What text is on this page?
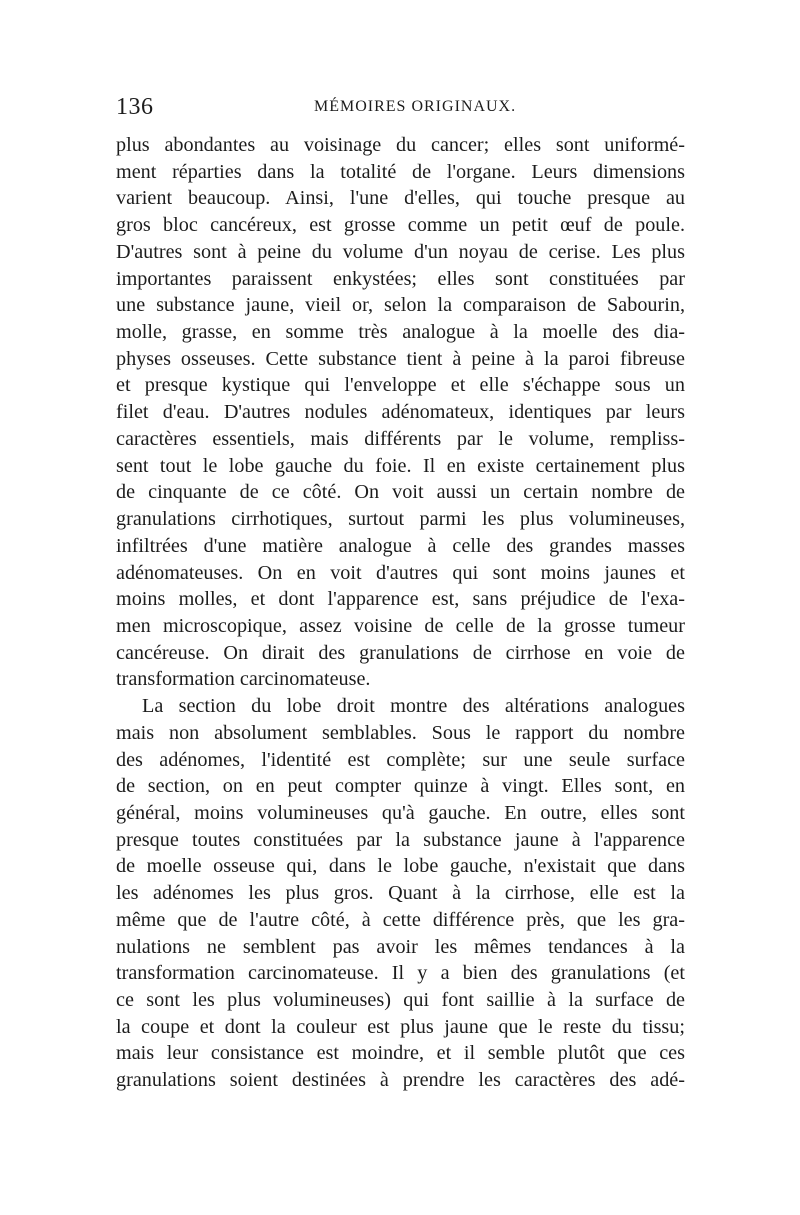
136	MÉMOIRES ORIGINAUX.
plus abondantes au voisinage du cancer; elles sont uniformé-
ment réparties dans la totalité de l'organe. Leurs dimensions
varient beaucoup. Ainsi, l'une d'elles, qui touche presque au
gros bloc cancéreux, est grosse comme un petit œuf de poule.
D'autres sont à peine du volume d'un noyau de cerise. Les plus
importantes paraissent enkystées; elles sont constituées par
une substance jaune, vieil or, selon la comparaison de Sabourin,
molle, grasse, en somme très analogue à la moelle des dia-
physes osseuses. Cette substance tient à peine à la paroi fibreuse
et presque kystique qui l'enveloppe et elle s'échappe sous un
filet d'eau. D'autres nodules adénomateux, identiques par leurs
caractères essentiels, mais différents par le volume, rempliss-
sent tout le lobe gauche du foie. Il en existe certainement plus
de cinquante de ce côté. On voit aussi un certain nombre de
granulations cirrhotiques, surtout parmi les plus volumineuses,
infiltrées d'une matière analogue à celle des grandes masses
adénomateuses. On en voit d'autres qui sont moins jaunes et
moins molles, et dont l'apparence est, sans préjudice de l'exa-
men microscopique, assez voisine de celle de la grosse tumeur
cancéreuse. On dirait des granulations de cirrhose en voie de
transformation carcinomateuse.
La section du lobe droit montre des altérations analogues
mais non absolument semblables. Sous le rapport du nombre
des adénomes, l'identité est complète; sur une seule surface
de section, on en peut compter quinze à vingt. Elles sont, en
général, moins volumineuses qu'à gauche. En outre, elles sont
presque toutes constituées par la substance jaune à l'apparence
de moelle osseuse qui, dans le lobe gauche, n'existait que dans
les adénomes les plus gros. Quant à la cirrhose, elle est la
même que de l'autre côté, à cette différence près, que les gra-
nulations ne semblent pas avoir les mêmes tendances à la
transformation carcinomateuse. Il y a bien des granulations (et
ce sont les plus volumineuses) qui font saillie à la surface de
la coupe et dont la couleur est plus jaune que le reste du tissu;
mais leur consistance est moindre, et il semble plutôt que ces
granulations soient destinées à prendre les caractères des adé-
